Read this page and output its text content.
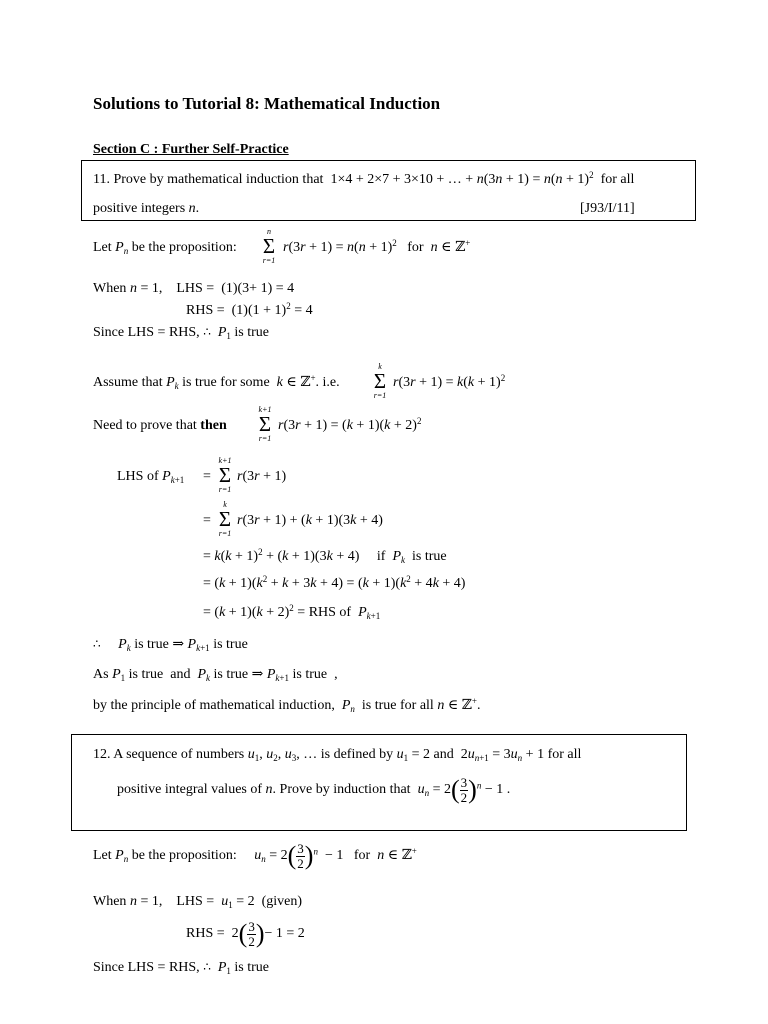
Solutions to Tutorial 8: Mathematical Induction
Section C : Further Self-Practice
11. Prove by mathematical induction that  1×4 + 2×7 + 3×10 + … + $n(3n + 1) = n(n + 1)^2$ for all
positive integers n.	[J93/I/11]
Let $P_n$ be the proposition:
n
Σ
r=1
$r(3r + 1) = n(n + 1)^2$   for  n ∈ ℤ+
When n = 1,    LHS = (1)(3+ 1) = 4
RHS = $(1)(1 + 1)^2 = 4$
Since LHS = RHS, ∴ $P_1$ is true
Assume that $P_k$ is true for some k ∈ ℤ+. i.e.
k
Σ
r=1
$r(3r + 1) = k(k + 1)^2$
Need to prove that then
k+1
Σ
r=1
$r(3r + 1) = (k + 1)(k + 2)^2$
LHS of $P_{k+1}$ =
k+1
Σ
r=1
r(3r + 1)
=
k
Σ
r=1
r(3r + 1) + (k + 1)(3k + 4)
= $k(k + 1)^2 + (k + 1)(3k + 4)$     if $P_k$ is true
= $(k + 1)(k^2 + k + 3k + 4) = (k + 1)(k^2 + 4k + 4)$
= $(k + 1)(k + 2)^2$ = RHS of $P_{k+1}$
∴ $P_k$ is true ⇒ $P_{k+1}$ is true
As $P_1$ is true and $P_k$ is true ⇒ $P_{k+1}$ is true  ,
by the principle of mathematical induction, $P_n$ is true for all n ∈ ℤ+.
12. A sequence of numbers $u_1$, $u_2$, $u_3$, … is defined by $u_1 = 2$ and  $2u_{n+1} = 3u_n + 1$ for all
positive integral values of n. Prove by induction that $u_n = 2( \frac{3}{2} )^n - 1$ .
Let $P_n$ be the proposition: $u_n = 2( \frac{3}{2} )^n - 1$   for  n ∈ ℤ+
When n = 1,    LHS = $u_1 = 2$  (given)
RHS =  $2( \frac{3}{2}$ )− 1 = 2
Since LHS = RHS, ∴ $P_1$ is true
